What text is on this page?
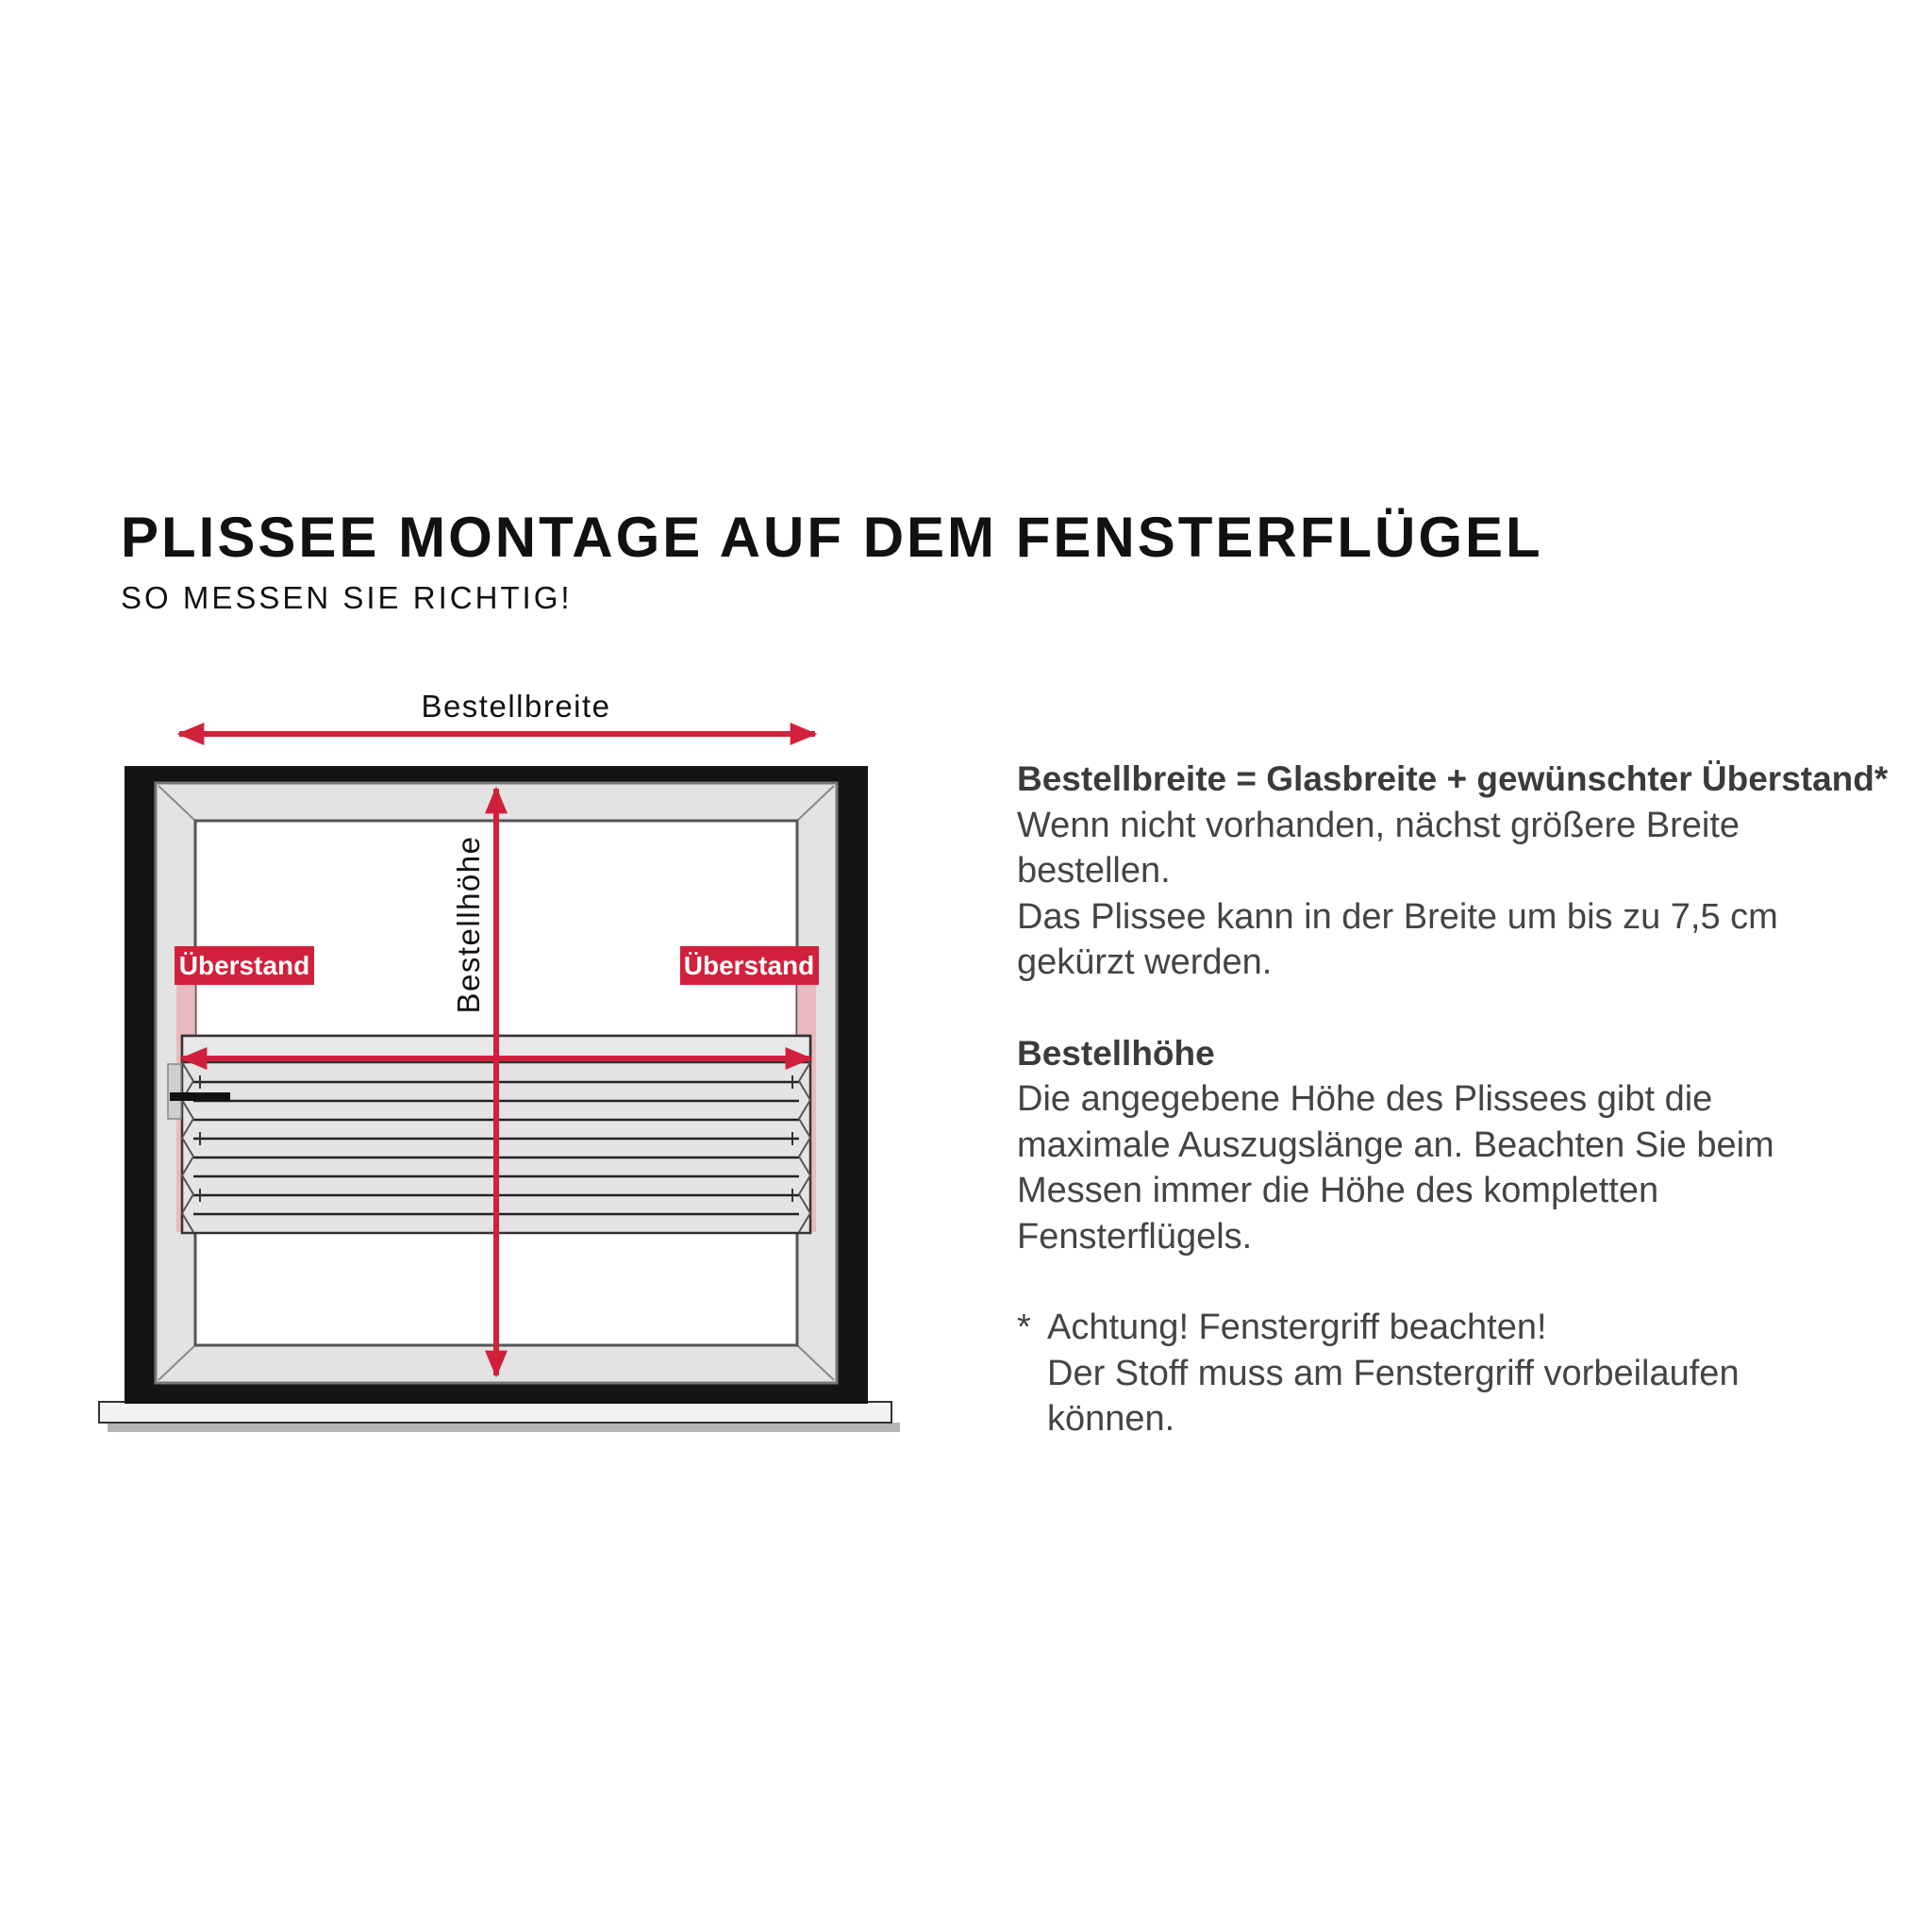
PLISSEE MONTAGE AUF DEM FENSTERFLÜGEL

SO MESSEN SIE RICHTIG!

Bestellbreite
Bestellhöhe
Überstand	Überstand

Bestellbreite = Glasbreite + gewünschter Überstand*

Wenn nicht vorhanden, nächst größere Breite

bestellen.

Das Plissee kann in der Breite um bis zu 7,5 cm

gekürzt werden.

Bestellhöhe

Die angegebene Höhe des Plissees gibt die

maximale Auszugslänge an. Beachten Sie beim

Messen immer die Höhe des kompletten

Fensterflügels.

* Achtung! Fenstergriff beachten!

Der Stoff muss am Fenstergriff vorbeilaufen

können.
